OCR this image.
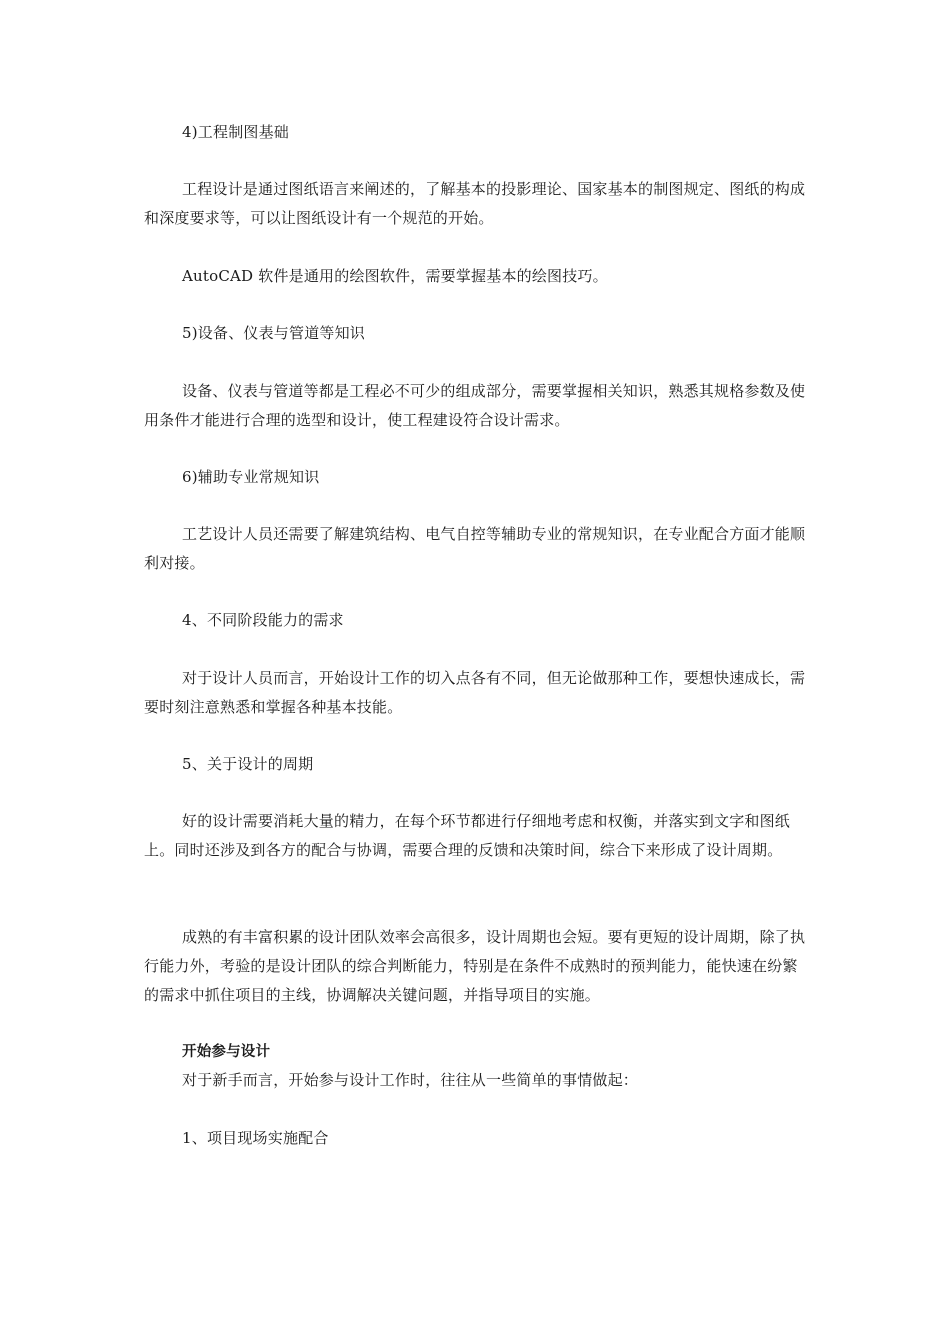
4)工程制图基础

工程设计是通过图纸语言来阐述的，了解基本的投影理论、国家基本的制图规定、图纸的构成和深度要求等，可以让图纸设计有一个规范的开始。

AutoCAD 软件是通用的绘图软件，需要掌握基本的绘图技巧。

5)设备、仪表与管道等知识

设备、仪表与管道等都是工程必不可少的组成部分，需要掌握相关知识，熟悉其规格参数及使用条件才能进行合理的选型和设计，使工程建设符合设计需求。

6)辅助专业常规知识

工艺设计人员还需要了解建筑结构、电气自控等辅助专业的常规知识，在专业配合方面才能顺利对接。

4、不同阶段能力的需求

对于设计人员而言，开始设计工作的切入点各有不同，但无论做那种工作，要想快速成长，需要时刻注意熟悉和掌握各种基本技能。

5、关于设计的周期

好的设计需要消耗大量的精力，在每个环节都进行仔细地考虑和权衡，并落实到文字和图纸上。同时还涉及到各方的配合与协调，需要合理的反馈和决策时间，综合下来形成了设计周期。

成熟的有丰富积累的设计团队效率会高很多，设计周期也会短。要有更短的设计周期，除了执行能力外，考验的是设计团队的综合判断能力，特别是在条件不成熟时的预判能力，能快速在纷繁的需求中抓住项目的主线，协调解决关键问题，并指导项目的实施。

开始参与设计

对于新手而言，开始参与设计工作时，往往从一些简单的事情做起：

1、项目现场实施配合
